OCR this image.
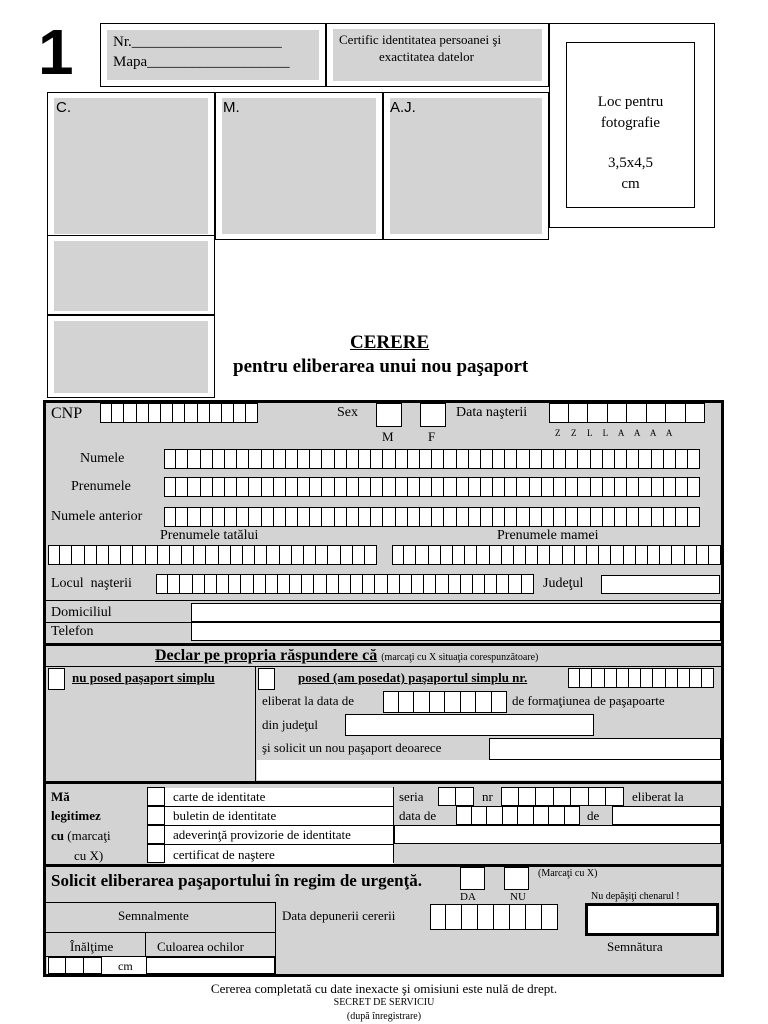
1	Nr.____________________
Mapa___________________
Certific identitatea persoanei şi
exactitatea datelor
Loc pentru
fotografie
3,5x4,5
cm
C.	M.	A.J.
CERERE
pentru eliberarea unui nou paşaport
CNP	Sex
M	F
Data naşterii
Z  Z  L  L  A  A  A  A
Numele
Prenumele
Numele anterior
Prenumele tatălui	Prenumele mamei
Locul  naşterii	Judeţul
Domiciliul
Telefon
Declar pe propria răspundere că (marcaţi cu X situaţia corespunzătoare)
nu posed paşaport simplu	posed (am posedat) paşaportul simplu nr.
eliberat la data de	de formaţiunea de paşapoarte
din judeţul
şi solicit un nou paşaport deoarece
Mă
legitimez
cu (marcaţi
cu X)
carte de identitate
buletin de identitate
adeverinţă provizorie de identitate
certificat de naştere
seria	nr	eliberat la
data de	de
Solicit eliberarea paşaportului în regim de urgenţă.	(Marcaţi cu X)
DA	NU	Nu depăşiţi chenarul !
Semnalmente	Data depunerii cererii
Semnătura
Înălţime	Culoarea ochilor
cm
Cererea completată cu date inexacte şi omisiuni este nulă de drept.
SECRET DE SERVICIU
(după înregistrare)
